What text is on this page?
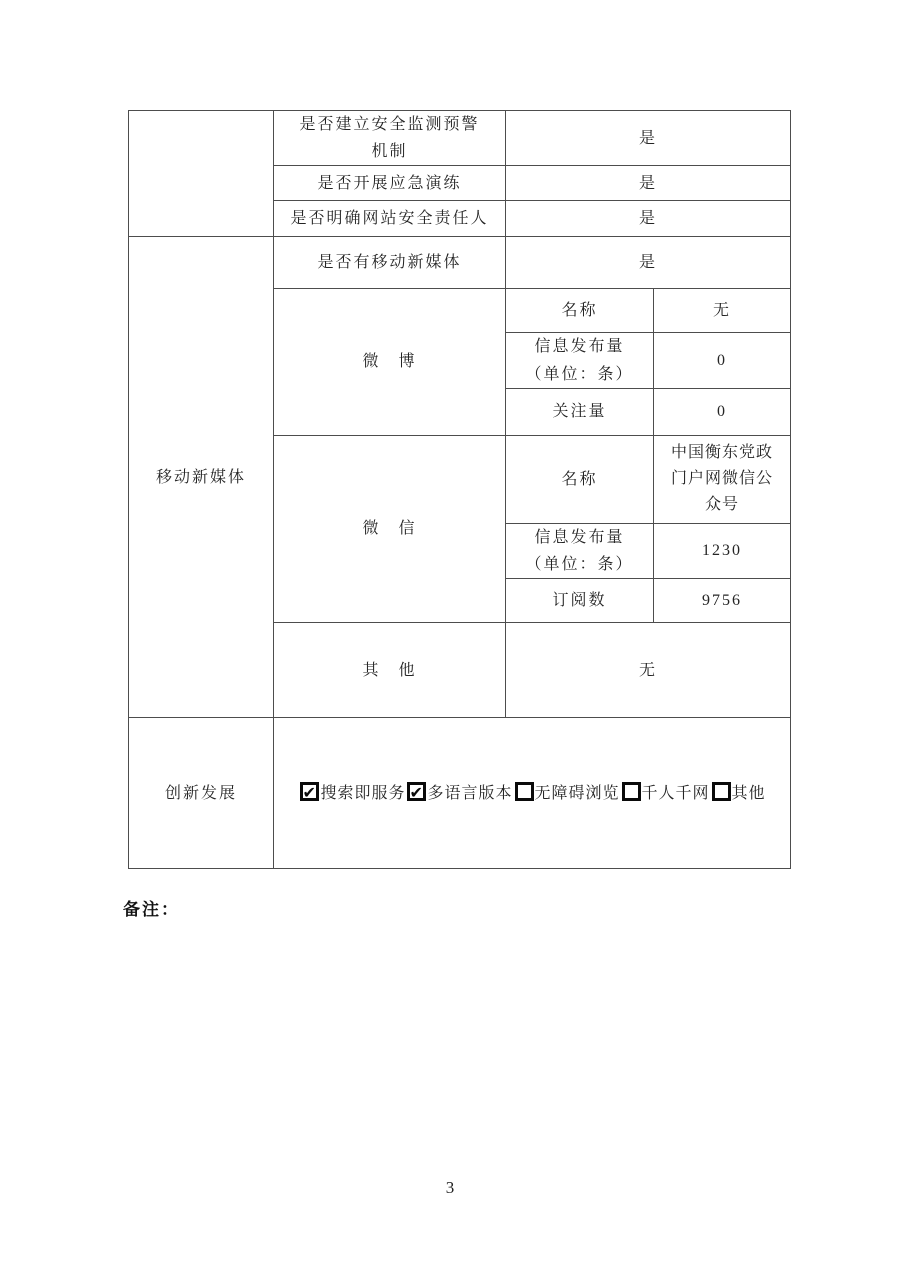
	是否建立安全监测预警
机制	是	
	是否开展应急演练	是	
	是否明确网站安全责任人	是	
移动新媒体	是否有移动新媒体	是	
	微　博	名称	无

		信息发布量
（单位：条）	0
		关注量	0
	微　信	名称	中国衡东党政门户网微信公众号

		信息发布量
（单位：条）	1230
		订阅数	9756
	其　他	无	
创新发展	✔搜索即服务 ✔ 多语言版本 无障碍浏览 千人千网 其他
备注：
3
